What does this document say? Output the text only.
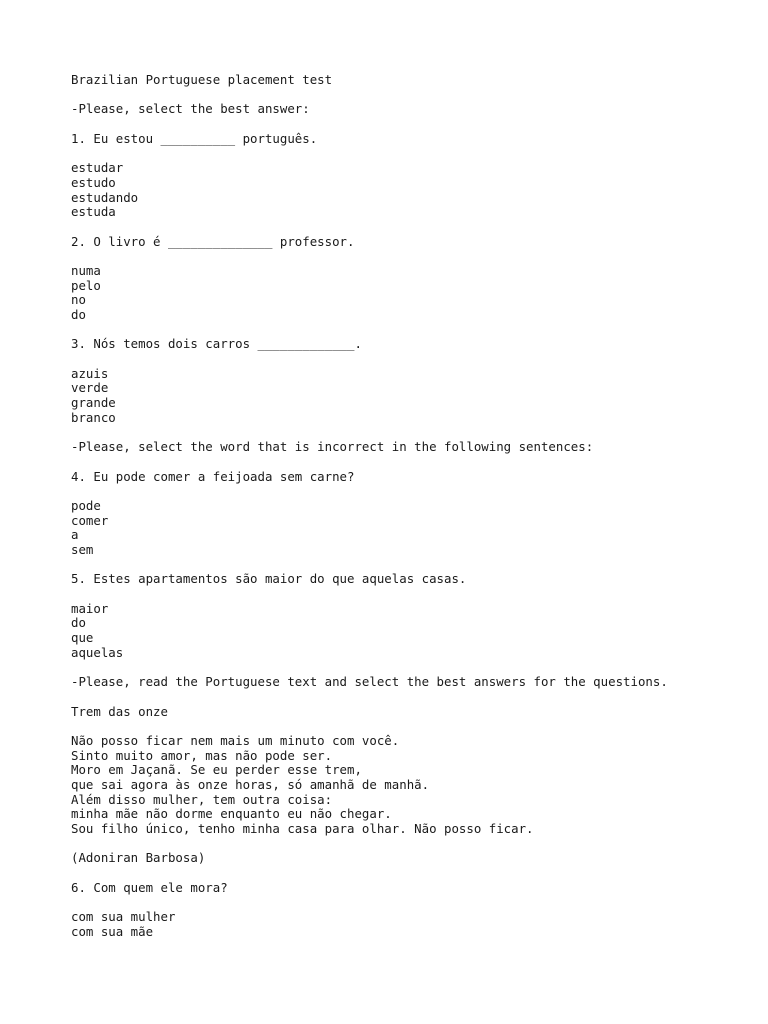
Brazilian Portuguese placement test
-Please, select the best answer:
1. Eu estou __________ português.
estudar
estudo
estudando
estuda
2. O livro é ______________ professor.
numa
pelo
no
do
3. Nós temos dois carros _____________.
azuis
verde
grande
branco
-Please, select the word that is incorrect in the following sentences:
4. Eu pode comer a feijoada sem carne?
pode
comer
a
sem
5. Estes apartamentos são maior do que aquelas casas.
maior
do
que
aquelas
-Please, read the Portuguese text and select the best answers for the questions.
Trem das onze
Não posso ficar nem mais um minuto com você.
Sinto muito amor, mas não pode ser.
Moro em Jaçanã. Se eu perder esse trem,
que sai agora às onze horas, só amanhã de manhã.
Além disso mulher, tem outra coisa:
minha mãe não dorme enquanto eu não chegar.
Sou filho único, tenho minha casa para olhar. Não posso ficar.
(Adoniran Barbosa)
6. Com quem ele mora?
com sua mulher
com sua mãe
